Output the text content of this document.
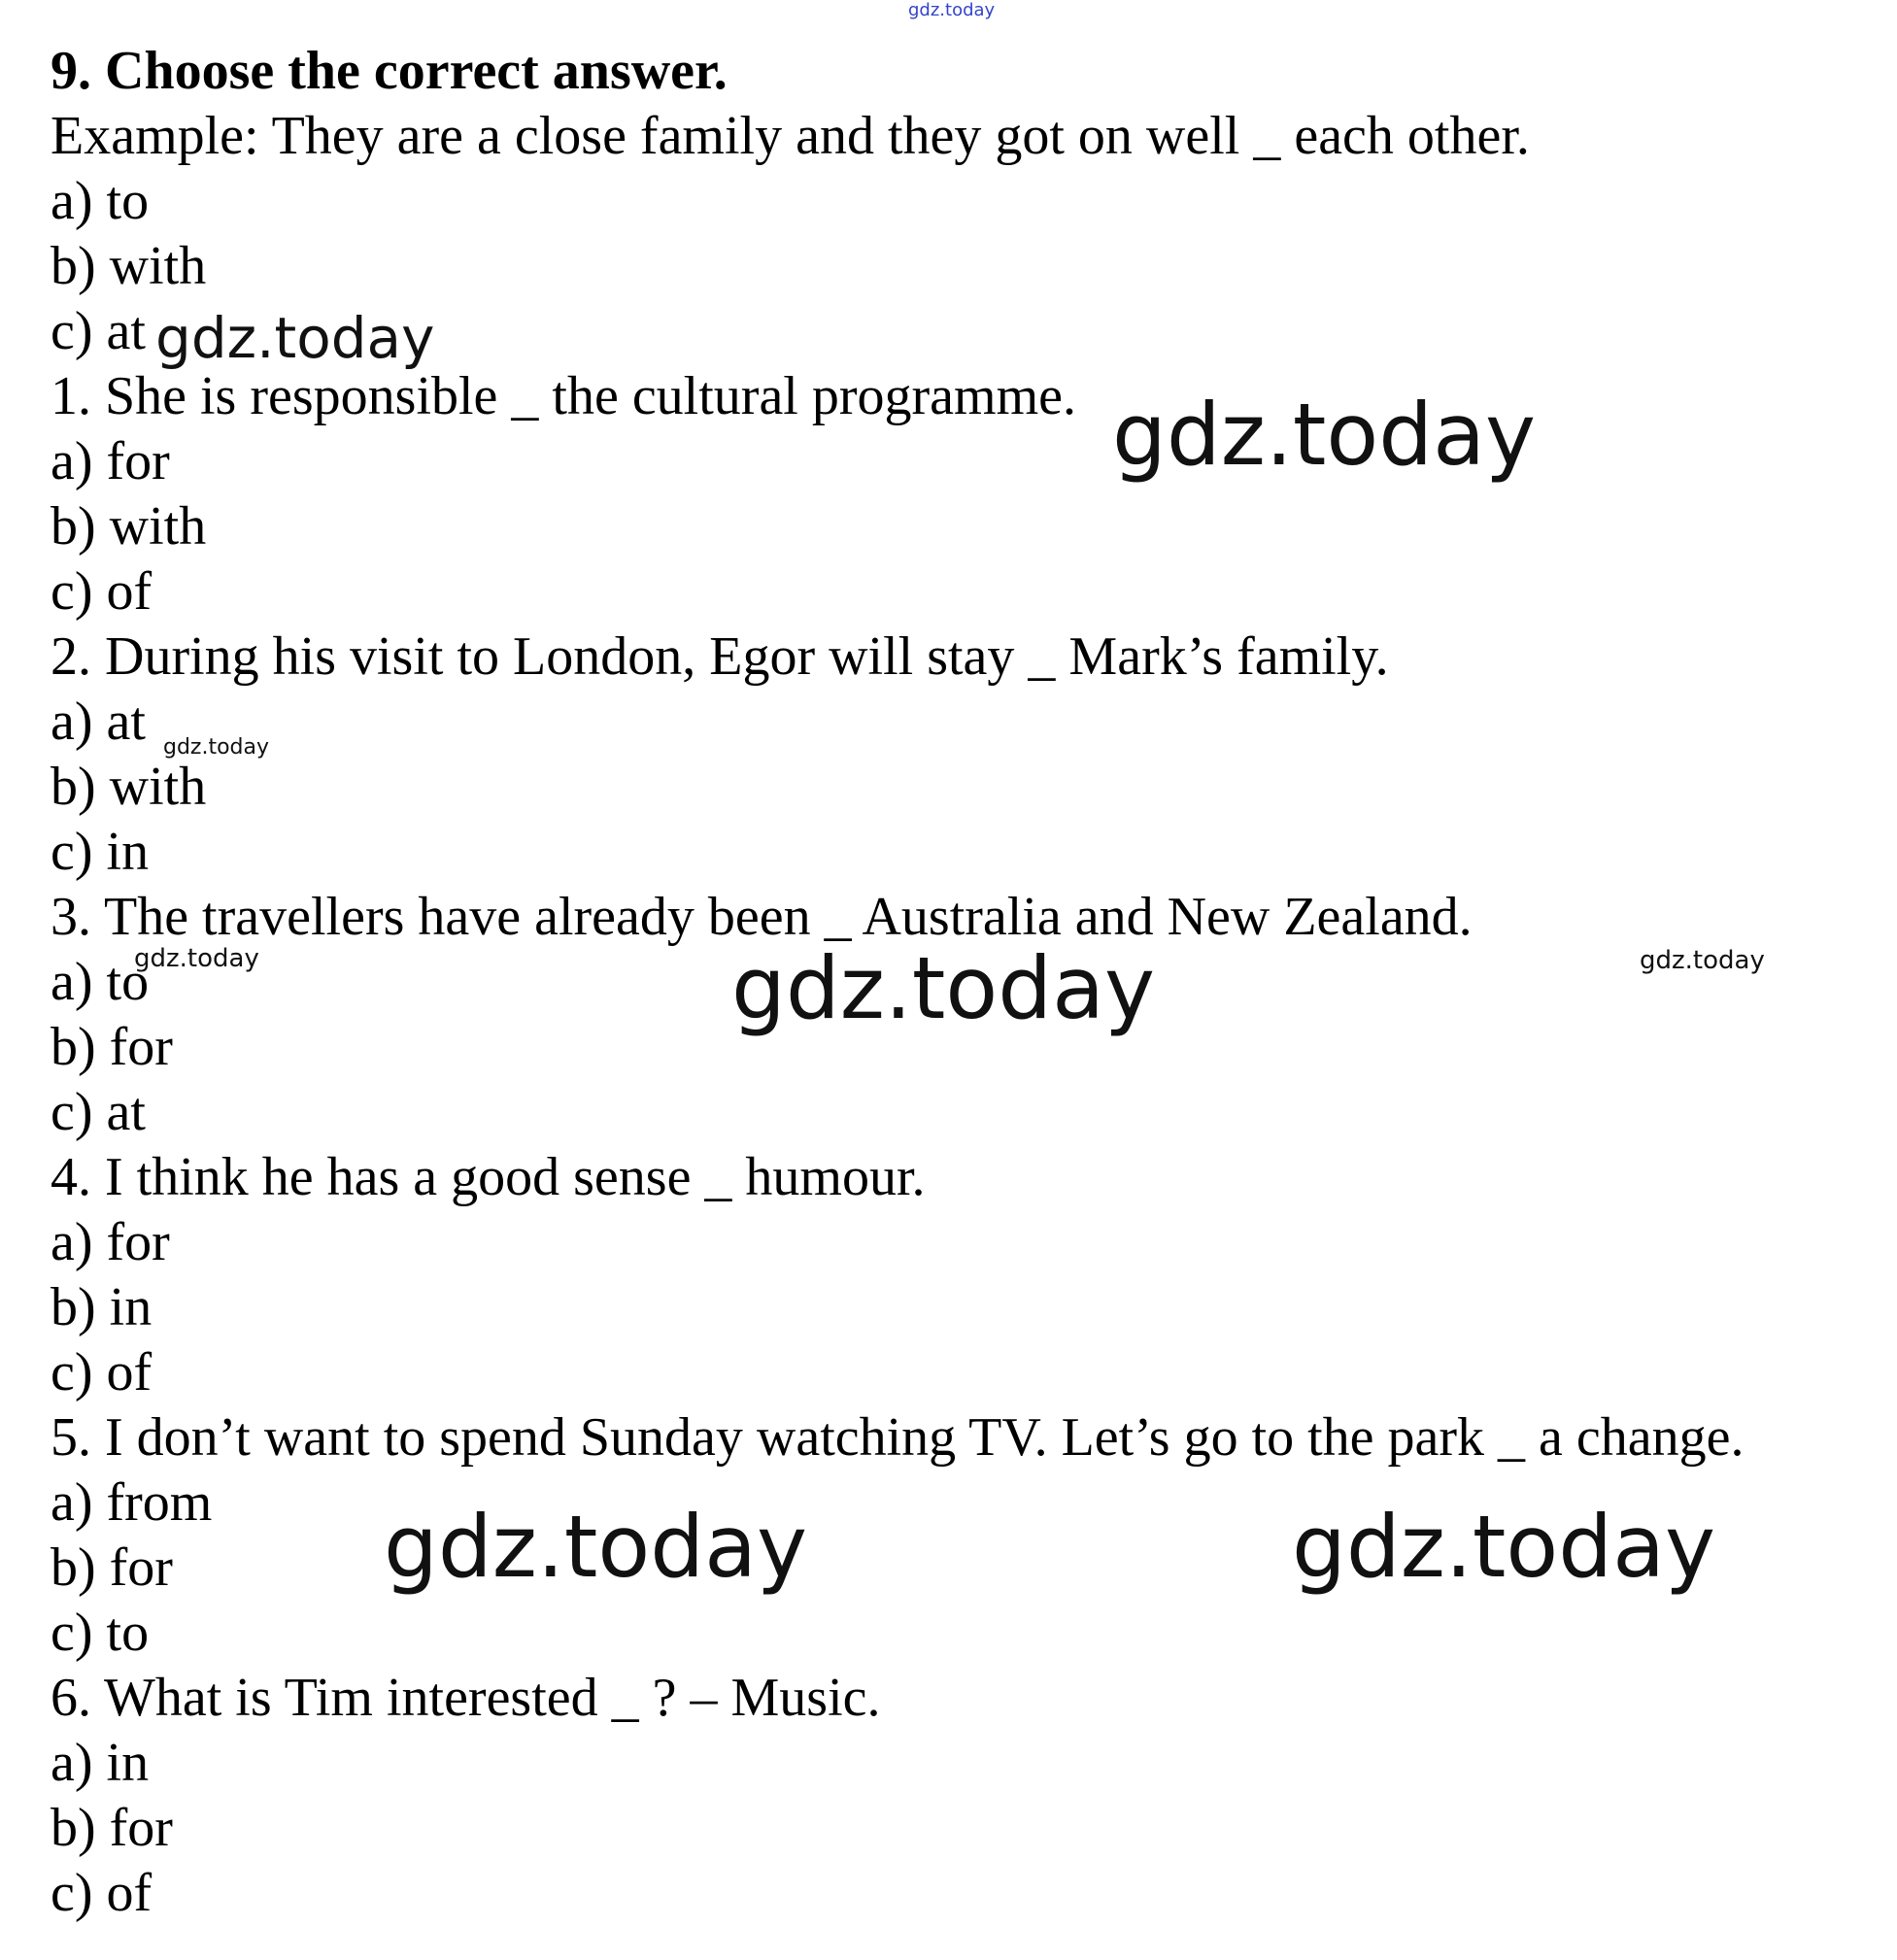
9. Choose the correct answer.
Example: They are a close family and they got on well _ each other.
a) to
b) with
c) at
1. She is responsible _ the cultural programme.
a) for
b) with
c) of
2. During his visit to London, Egor will stay _ Mark’s family.
a) at
b) with
c) in
3. The travellers have already been _ Australia and New Zealand.
a) to
b) for
c) at
4. I think he has a good sense _ humour.
a) for
b) in
c) of
5. I don’t want to spend Sunday watching TV. Let’s go to the park _ a change.
a) from
b) for
c) to
6. What is Tim interested _ ? – Music.
a) in
b) for
c) of
gdz.today
gdz.today
gdz.today
gdz.today
gdz.today	gdz.today
gdz.today
gdz.today	gdz.today
